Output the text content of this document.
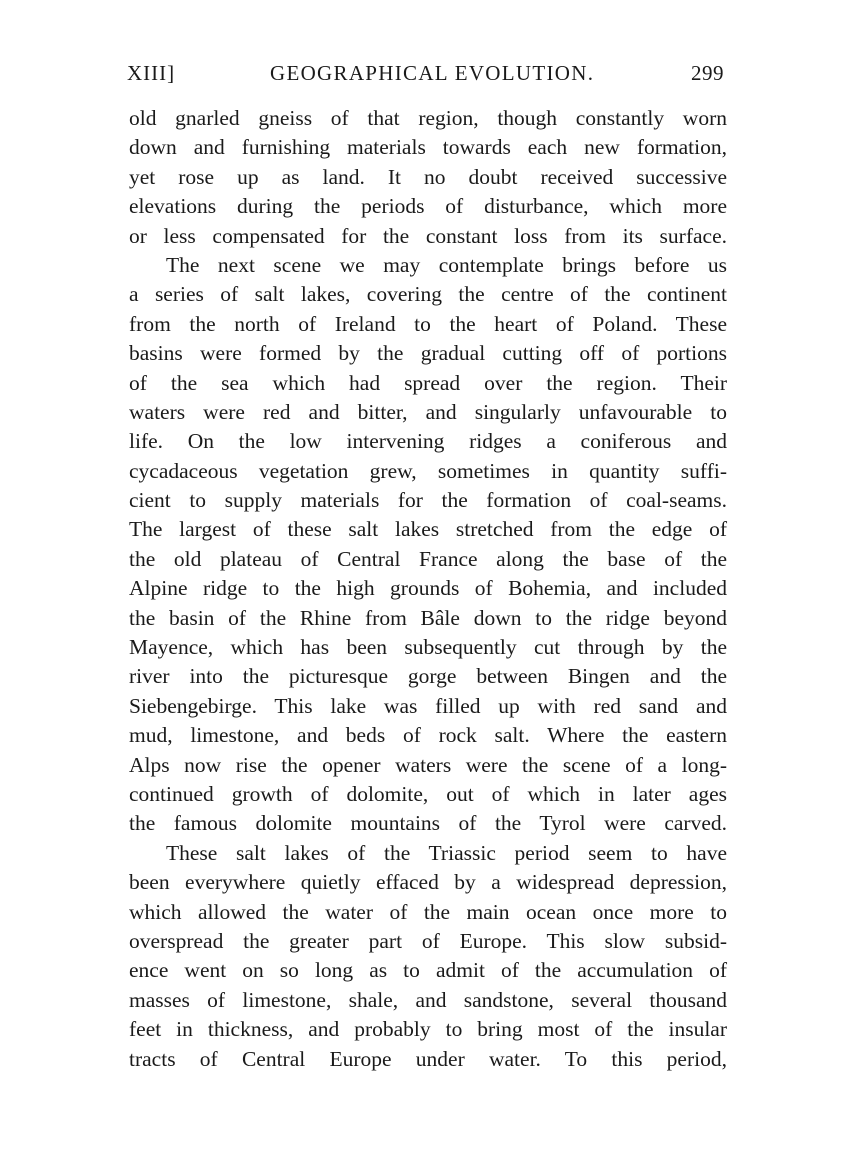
XIII]	GEOGRAPHICAL EVOLUTION.	299
old gnarled gneiss of that region, though constantly worn
down and furnishing materials towards each new formation,
yet rose up as land. It no doubt received successive
elevations during the periods of disturbance, which more
or less compensated for the constant loss from its surface.
The next scene we may contemplate brings before us
a series of salt lakes, covering the centre of the continent
from the north of Ireland to the heart of Poland. These
basins were formed by the gradual cutting off of portions
of the sea which had spread over the region. Their
waters were red and bitter, and singularly unfavourable to
life. On the low intervening ridges a coniferous and
cycadaceous vegetation grew, sometimes in quantity suffi-
cient to supply materials for the formation of coal-seams.
The largest of these salt lakes stretched from the edge of
the old plateau of Central France along the base of the
Alpine ridge to the high grounds of Bohemia, and included
the basin of the Rhine from Bâle down to the ridge beyond
Mayence, which has been subsequently cut through by the
river into the picturesque gorge between Bingen and the
Siebengebirge. This lake was filled up with red sand and
mud, limestone, and beds of rock salt. Where the eastern
Alps now rise the opener waters were the scene of a long-
continued growth of dolomite, out of which in later ages
the famous dolomite mountains of the Tyrol were carved.
These salt lakes of the Triassic period seem to have
been everywhere quietly effaced by a widespread depression,
which allowed the water of the main ocean once more to
overspread the greater part of Europe. This slow subsid-
ence went on so long as to admit of the accumulation of
masses of limestone, shale, and sandstone, several thousand
feet in thickness, and probably to bring most of the insular
tracts of Central Europe under water. To this period,
